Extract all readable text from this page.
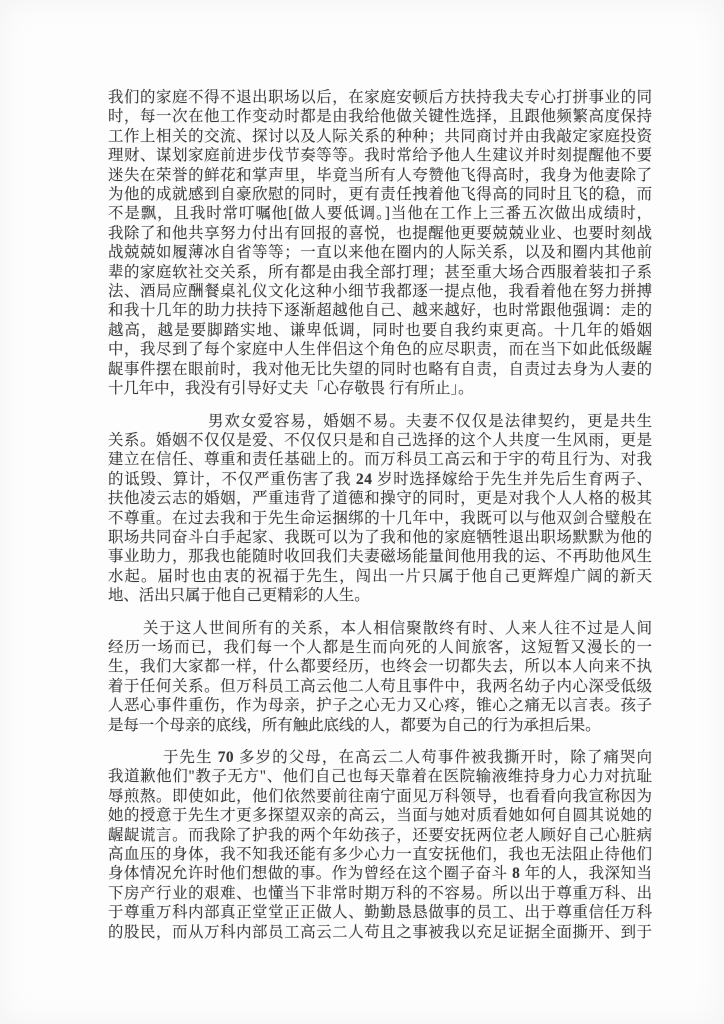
我们的家庭不得不退出职场以后，在家庭安顿后方扶持我夫专心打拼事业的同
时，每一次在他工作变动时都是由我给他做关键性选择，且跟他频繁高度保持
工作上相关的交流、探讨以及人际关系的种种；共同商讨并由我敲定家庭投资
理财、谋划家庭前进步伐节奏等等。我时常给予他人生建议并时刻提醒他不要
迷失在荣誉的鲜花和掌声里，毕竟当所有人夸赞他飞得高时，我身为他妻除了
为他的成就感到自豪欣慰的同时，更有责任拽着他飞得高的同时且飞的稳，而
不是飘，且我时常叮嘱他[做人要低调。]当他在工作上三番五次做出成绩时，
我除了和他共享努力付出有回报的喜悦，也提醒他更要兢兢业业、也要时刻战
战兢兢如履薄冰自省等等；一直以来他在圈内的人际关系，以及和圈内其他前
辈的家庭软社交关系，所有都是由我全部打理；甚至重大场合西服着装扣子系
法、酒局应酬餐桌礼仪文化这种小细节我都逐一提点他，我看着他在努力拼搏
和我十几年的助力扶持下逐渐超越他自己、越来越好，也时常跟他强调：走的
越高，越是要脚踏实地、谦卑低调，同时也要自我约束更高。十几年的婚姻
中，我尽到了每个家庭中人生伴侣这个角色的应尽职责，而在当下如此低级龌
龊事件摆在眼前时，我对他无比失望的同时也略有自责，自责过去身为人妻的
十几年中，我没有引导好丈夫「心存敬畏 行有所止」。
男欢女爱容易，婚姻不易。夫妻不仅仅是法律契约，更是共生
关系。婚姻不仅仅是爱、不仅仅只是和自己选择的这个人共度一生风雨，更是
建立在信任、尊重和责任基础上的。而万科员工高云和于宇的苟且行为、对我
的诋毁、算计，不仅严重伤害了我 24 岁时选择嫁给于先生并先后生育两子、
扶他凌云志的婚姻，严重违背了道德和操守的同时，更是对我个人人格的极其
不尊重。在过去我和于先生命运捆绑的十几年中，我既可以与他双剑合璧般在
职场共同奋斗白手起家、我既可以为了我和他的家庭牺牲退出职场默默为他的
事业助力，那我也能随时收回我们夫妻磁场能量间他用我的运、不再助他风生
水起。届时也由衷的祝福于先生，闯出一片只属于他自己更辉煌广阔的新天
地、活出只属于他自己更精彩的人生。
关于这人世间所有的关系，本人相信聚散终有时、人来人往不过是人间
经历一场而已，我们每一个人都是生而向死的人间旅客，这短暂又漫长的一
生，我们大家都一样，什么都要经历，也终会一切都失去，所以本人向来不执
着于任何关系。但万科员工高云他二人苟且事件中，我两名幼子内心深受低级
人恶心事件重伤，作为母亲，护子之心无力又心疼，锥心之痛无以言表。孩子
是每一个母亲的底线，所有触此底线的人，都要为自己的行为承担后果。
于先生 70 多岁的父母，在高云二人苟事件被我撕开时，除了痛哭向
我道歉他们"教子无方"、他们自己也每天靠着在医院输液维持身力心力对抗耻
辱煎熬。即使如此，他们依然要前往南宁面见万科领导，也看看向我宣称因为
她的授意于先生才更多探望双亲的高云，当面与她对质看她如何自圆其说她的
龌龊谎言。而我除了护我的两个年幼孩子，还要安抚两位老人顾好自己心脏病
高血压的身体，我不知我还能有多少心力一直安抚他们，我也无法阻止待他们
身体情况允许时他们想做的事。作为曾经在这个圈子奋斗 8 年的人，我深知当
下房产行业的艰难、也懂当下非常时期万科的不容易。所以出于尊重万科、出
于尊重万科内部真正堂堂正正做人、勤勤恳恳做事的员工、出于尊重信任万科
的股民，而从万科内部员工高云二人苟且之事被我以充足证据全面撕开、到于
